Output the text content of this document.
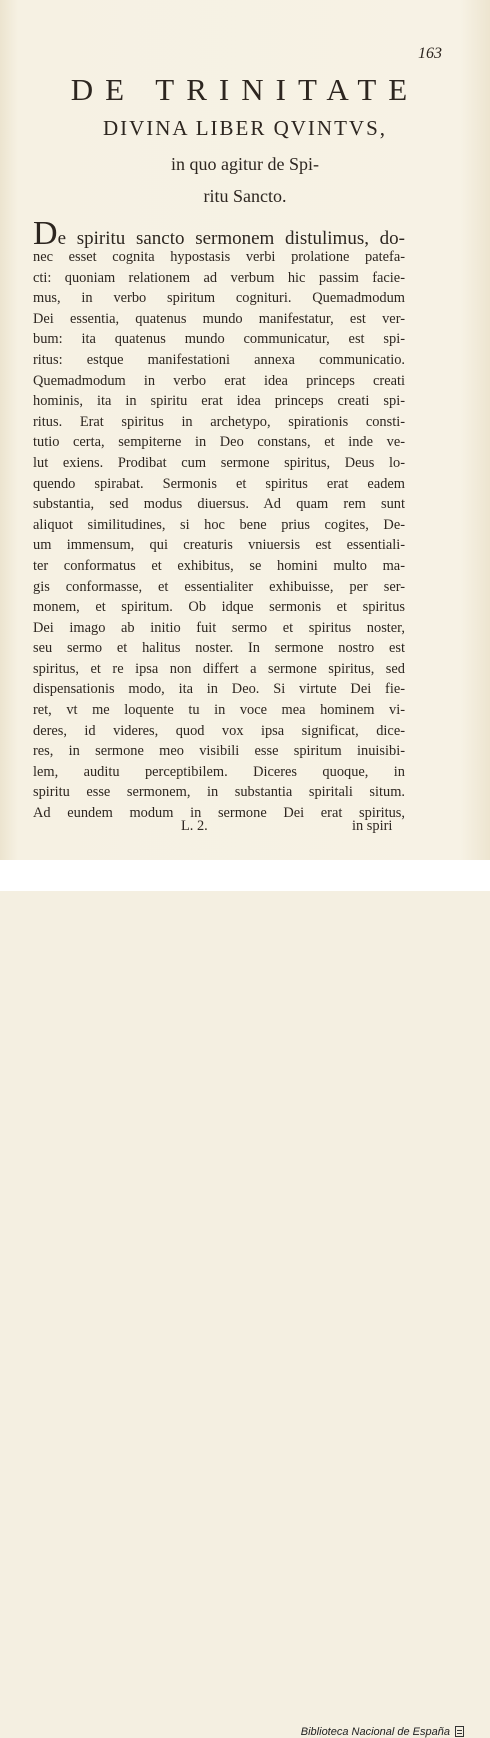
163
DE TRINITATE
DIVINA LIBER QVINTVS,
in quo agitur de Spi-
ritu Sancto.
De spiritu sancto sermonem distulimus, do-
nec esset cognita hypostasis verbi prolatione patefa-
cti: quoniam relationem ad verbum hic passim facie-
mus, in verbo spiritum cognituri. Quemadmodum
Dei essentia, quatenus mundo manifestatur, est ver-
bum: ita quatenus mundo communicatur, est spi-
ritus: estque manifestationi annexa communicatio.
Quemadmodum in verbo erat idea princeps creati
hominis, ita in spiritu erat idea princeps creati spi-
ritus. Erat spiritus in archetypo, spirationis consti-
tutio certa, sempiterne in Deo constans, et inde ve-
lut exiens. Prodibat cum sermone spiritus, Deus lo-
quendo spirabat. Sermonis et spiritus erat eadem
substantia, sed modus diuersus. Ad quam rem sunt
aliquot similitudines, si hoc bene prius cogites, De-
um immensum, qui creaturis vniuersis est essentiali-
ter conformatus et exhibitus, se homini multo ma-
gis conformasse, et essentialiter exhibuisse, per ser-
monem, et spiritum. Ob idque sermonis et spiritus
Dei imago ab initio fuit sermo et spiritus noster,
seu sermo et halitus noster. In sermone nostro est
spiritus, et re ipsa non differt a sermone spiritus, sed
dispensationis modo, ita in Deo. Si virtute Dei fie-
ret, vt me loquente tu in voce mea hominem vi-
deres, id videres, quod vox ipsa significat, dice-
res, in sermone meo visibili esse spiritum inuisibi-
lem, auditu perceptibilem. Diceres quoque, in
spiritu esse sermonem, in substantia spiritali situm.
Ad eundem modum in sermone Dei erat spiritus,
L. 2.	in spiri
Biblioteca Nacional de España
